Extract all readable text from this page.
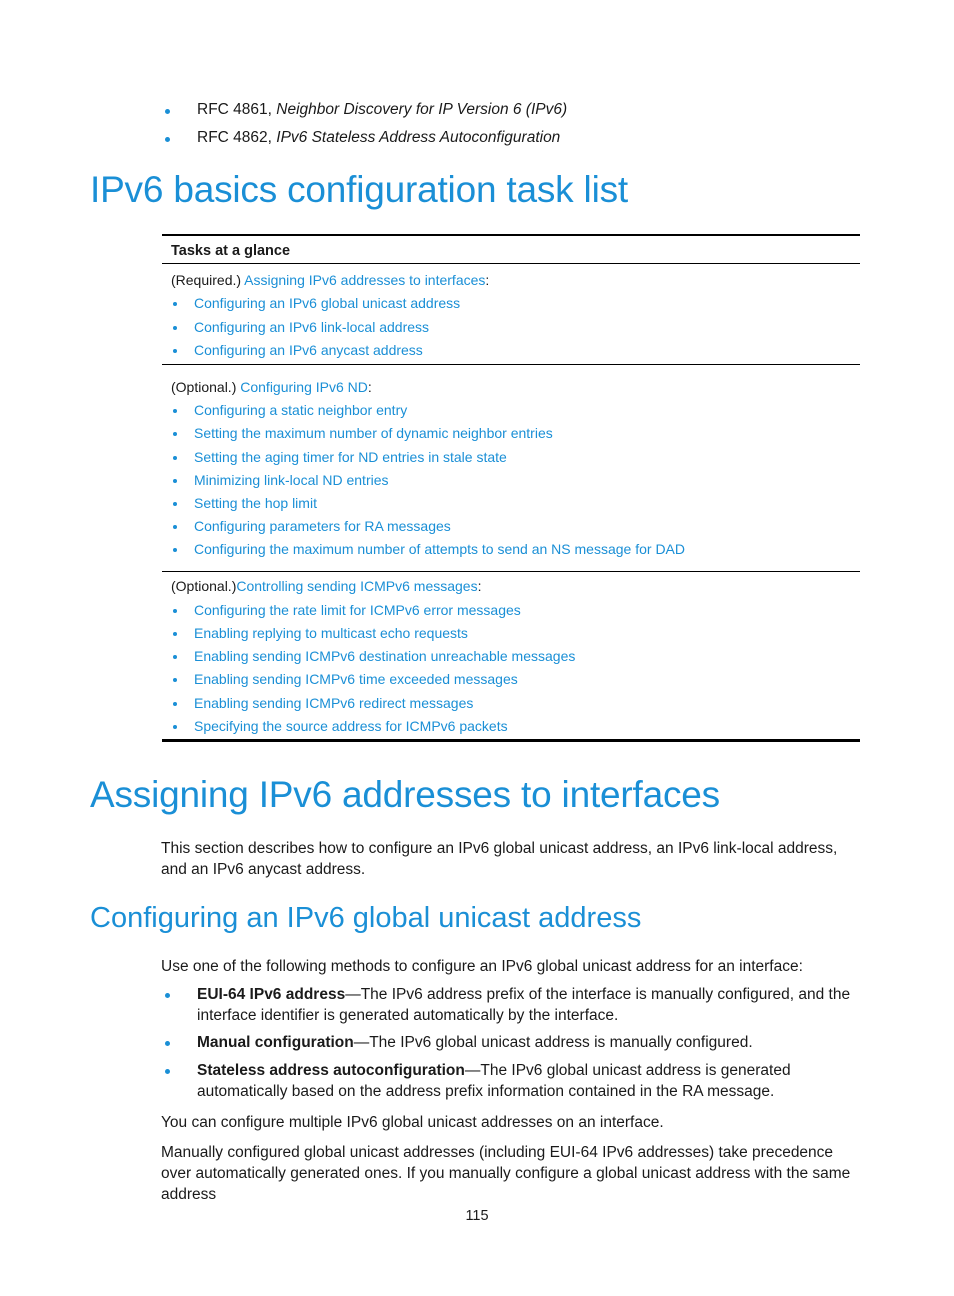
RFC 4861, Neighbor Discovery for IP Version 6 (IPv6)
RFC 4862, IPv6 Stateless Address Autoconfiguration
IPv6 basics configuration task list
Tasks at a glance
(Required.) Assigning IPv6 addresses to interfaces:
Configuring an IPv6 global unicast address
Configuring an IPv6 link-local address
Configuring an IPv6 anycast address
(Optional.) Configuring IPv6 ND:
Configuring a static neighbor entry
Setting the maximum number of dynamic neighbor entries
Setting the aging timer for ND entries in stale state
Minimizing link-local ND entries
Setting the hop limit
Configuring parameters for RA messages
Configuring the maximum number of attempts to send an NS message for DAD
(Optional.)Controlling sending ICMPv6 messages:
Configuring the rate limit for ICMPv6 error messages
Enabling replying to multicast echo requests
Enabling sending ICMPv6 destination unreachable messages
Enabling sending ICMPv6 time exceeded messages
Enabling sending ICMPv6 redirect messages
Specifying the source address for ICMPv6 packets
Assigning IPv6 addresses to interfaces
This section describes how to configure an IPv6 global unicast address, an IPv6 link-local address, and an IPv6 anycast address.
Configuring an IPv6 global unicast address
Use one of the following methods to configure an IPv6 global unicast address for an interface:
EUI-64 IPv6 address—The IPv6 address prefix of the interface is manually configured, and the interface identifier is generated automatically by the interface.
Manual configuration—The IPv6 global unicast address is manually configured.
Stateless address autoconfiguration—The IPv6 global unicast address is generated automatically based on the address prefix information contained in the RA message.
You can configure multiple IPv6 global unicast addresses on an interface.
Manually configured global unicast addresses (including EUI-64 IPv6 addresses) take precedence over automatically generated ones. If you manually configure a global unicast address with the same address
115
